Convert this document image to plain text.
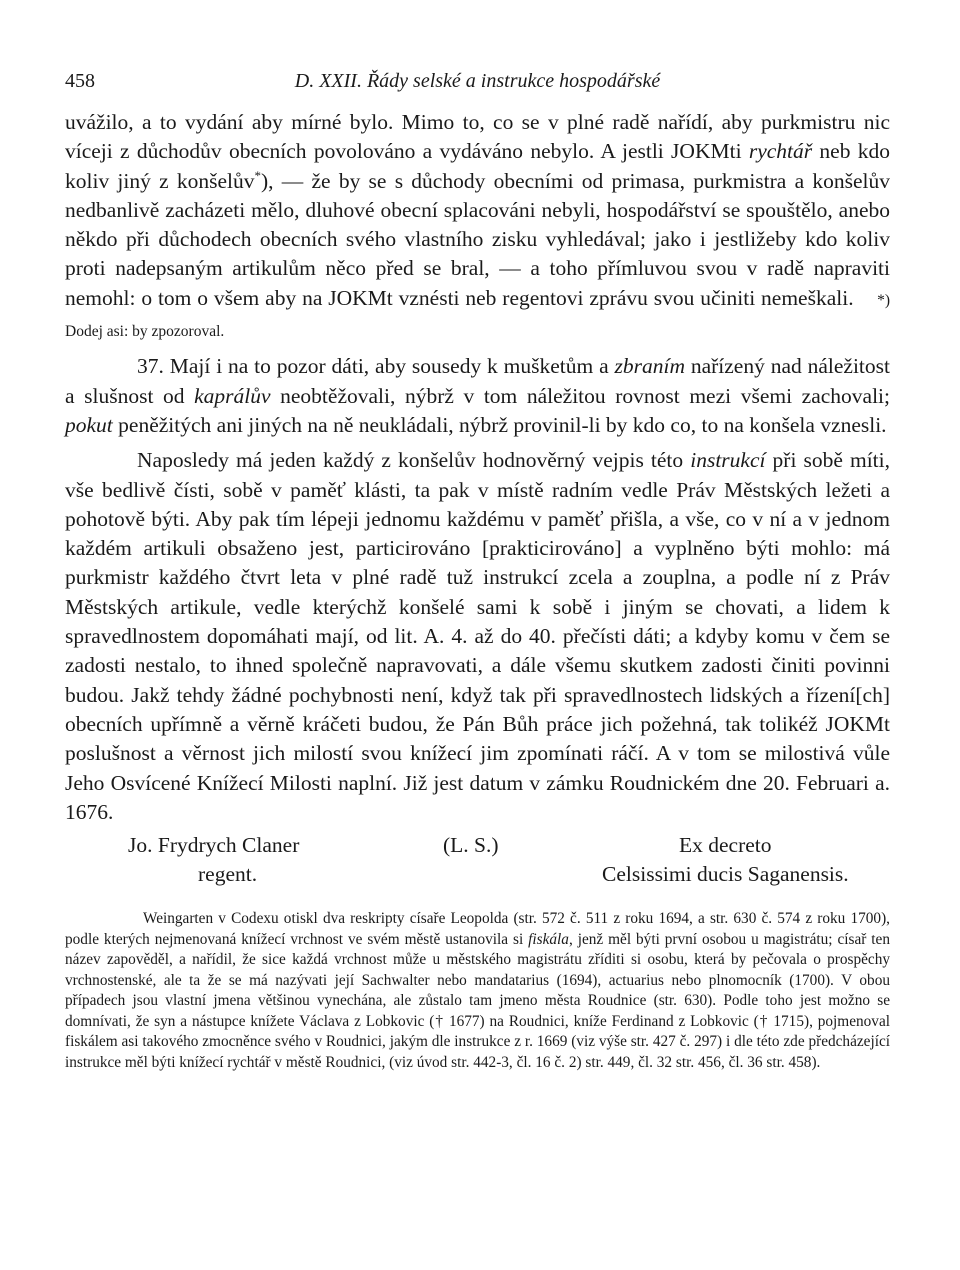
458	D. XXII. Řády selské a instrukce hospodářské

uvážilo, a to vydání aby mírné bylo. Mimo to, co se v plné radě nařídí, aby purkmistru nic víceji z důchodův obecních povolováno a vydáváno nebylo. A jestli JOKMti rychtář neb kdo koliv jiný z konšelův*), — že by se s důchody obecními od primasa, purkmistra a konšelův nedbanlivě zacházeti mělo, dluhové obecní splacováni nebyli, hospodářství se spouštělo, anebo někdo při důchodech obecních svého vlastního zisku vyhledával; jako i jestližeby kdo koliv proti nadepsaným artikulům něco před se bral, — a toho přímluvou svou v radě napraviti nemohl: o tom o všem aby na JOKMt vznésti neb regentovi zprávu svou učiniti nemeškali. *) Dodej asi: by zpozoroval.

37. Mají i na to pozor dáti, aby sousedy k mušketům a zbraním nařízený nad náležitost a slušnost od kaprálův neobtěžovali, nýbrž v tom náležitou rovnost mezi všemi zachovali; pokut peněžitých ani jiných na ně neukládali, nýbrž provinil-li by kdo co, to na konšela vznesli.

Naposledy má jeden každý z konšelův hodnověrný vejpis této instrukcí při sobě míti, vše bedlivě čísti, sobě v paměť klásti, ta pak v místě radním vedle Práv Městských ležeti a pohotově býti. Aby pak tím lépeji jednomu každému v paměť přišla, a vše, co v ní a v jednom každém artikuli obsaženo jest, particirováno [prakticirováno] a vyplněno býti mohlo: má purkmistr každého čtvrt leta v plné radě tuž instrukcí zcela a zouplna, a podle ní z Práv Městských artikule, vedle kterýchž konšelé sami k sobě i jiným se chovati, a lidem k spravedlnostem dopomáhati mají, od lit. A. 4. až do 40. přečísti dáti; a kdyby komu v čem se zadosti nestalo, to ihned společně napravovati, a dále všemu skutkem zadosti činiti povinni budou. Jakž tehdy žádné pochybnosti není, když tak při spravedlnostech lidských a řízení[ch] obecních upřímně a věrně kráčeti budou, že Pán Bůh práce jich požehná, tak tolikéž JOKMt poslušnost a věrnost jich milostí svou knížecí jim zpomínati ráčí. A v tom se milostivá vůle Jeho Osvícené Knížecí Milosti naplní. Již jest datum v zámku Roudnickém dne 20. Februari a. 1676.

Jo. Frydrych Claner
regent.
(L. S.)	Ex decreto
Celsissimi ducis Saganensis.
Weingarten v Codexu otiskl dva reskripty císaře Leopolda (str. 572 č. 511 z roku 1694, a str. 630 č. 574 z roku 1700), podle kterých nejmenovaná knížecí vrchnost ve svém městě ustanovila si fiskála, jenž měl býti první osobou u magistrátu; císař ten název zapověděl, a nařídil, že sice každá vrchnost může u městského magistrátu zříditi si osobu, která by pečovala o prospěchy vrchnostenské, ale ta že se má nazývati její Sachwalter nebo mandatarius (1694), actuarius nebo plnomocník (1700). V obou případech jsou vlastní jmena většinou vynechána, ale zůstalo tam jmeno města Roudnice (str. 630). Podle toho jest možno se domnívati, že syn a nástupce knížete Václava z Lobkovic († 1677) na Roudnici, kníže Ferdinand z Lobkovic († 1715), pojmenoval fiskálem asi takového zmocněnce svého v Roudnici, jakým dle instrukce z r. 1669 (viz výše str. 427 č. 297) i dle této zde předcházející instrukce měl býti knížecí rychtář v městě Roudnici, (viz úvod str. 442-3, čl. 16 č. 2) str. 449, čl. 32 str. 456, čl. 36 str. 458).
